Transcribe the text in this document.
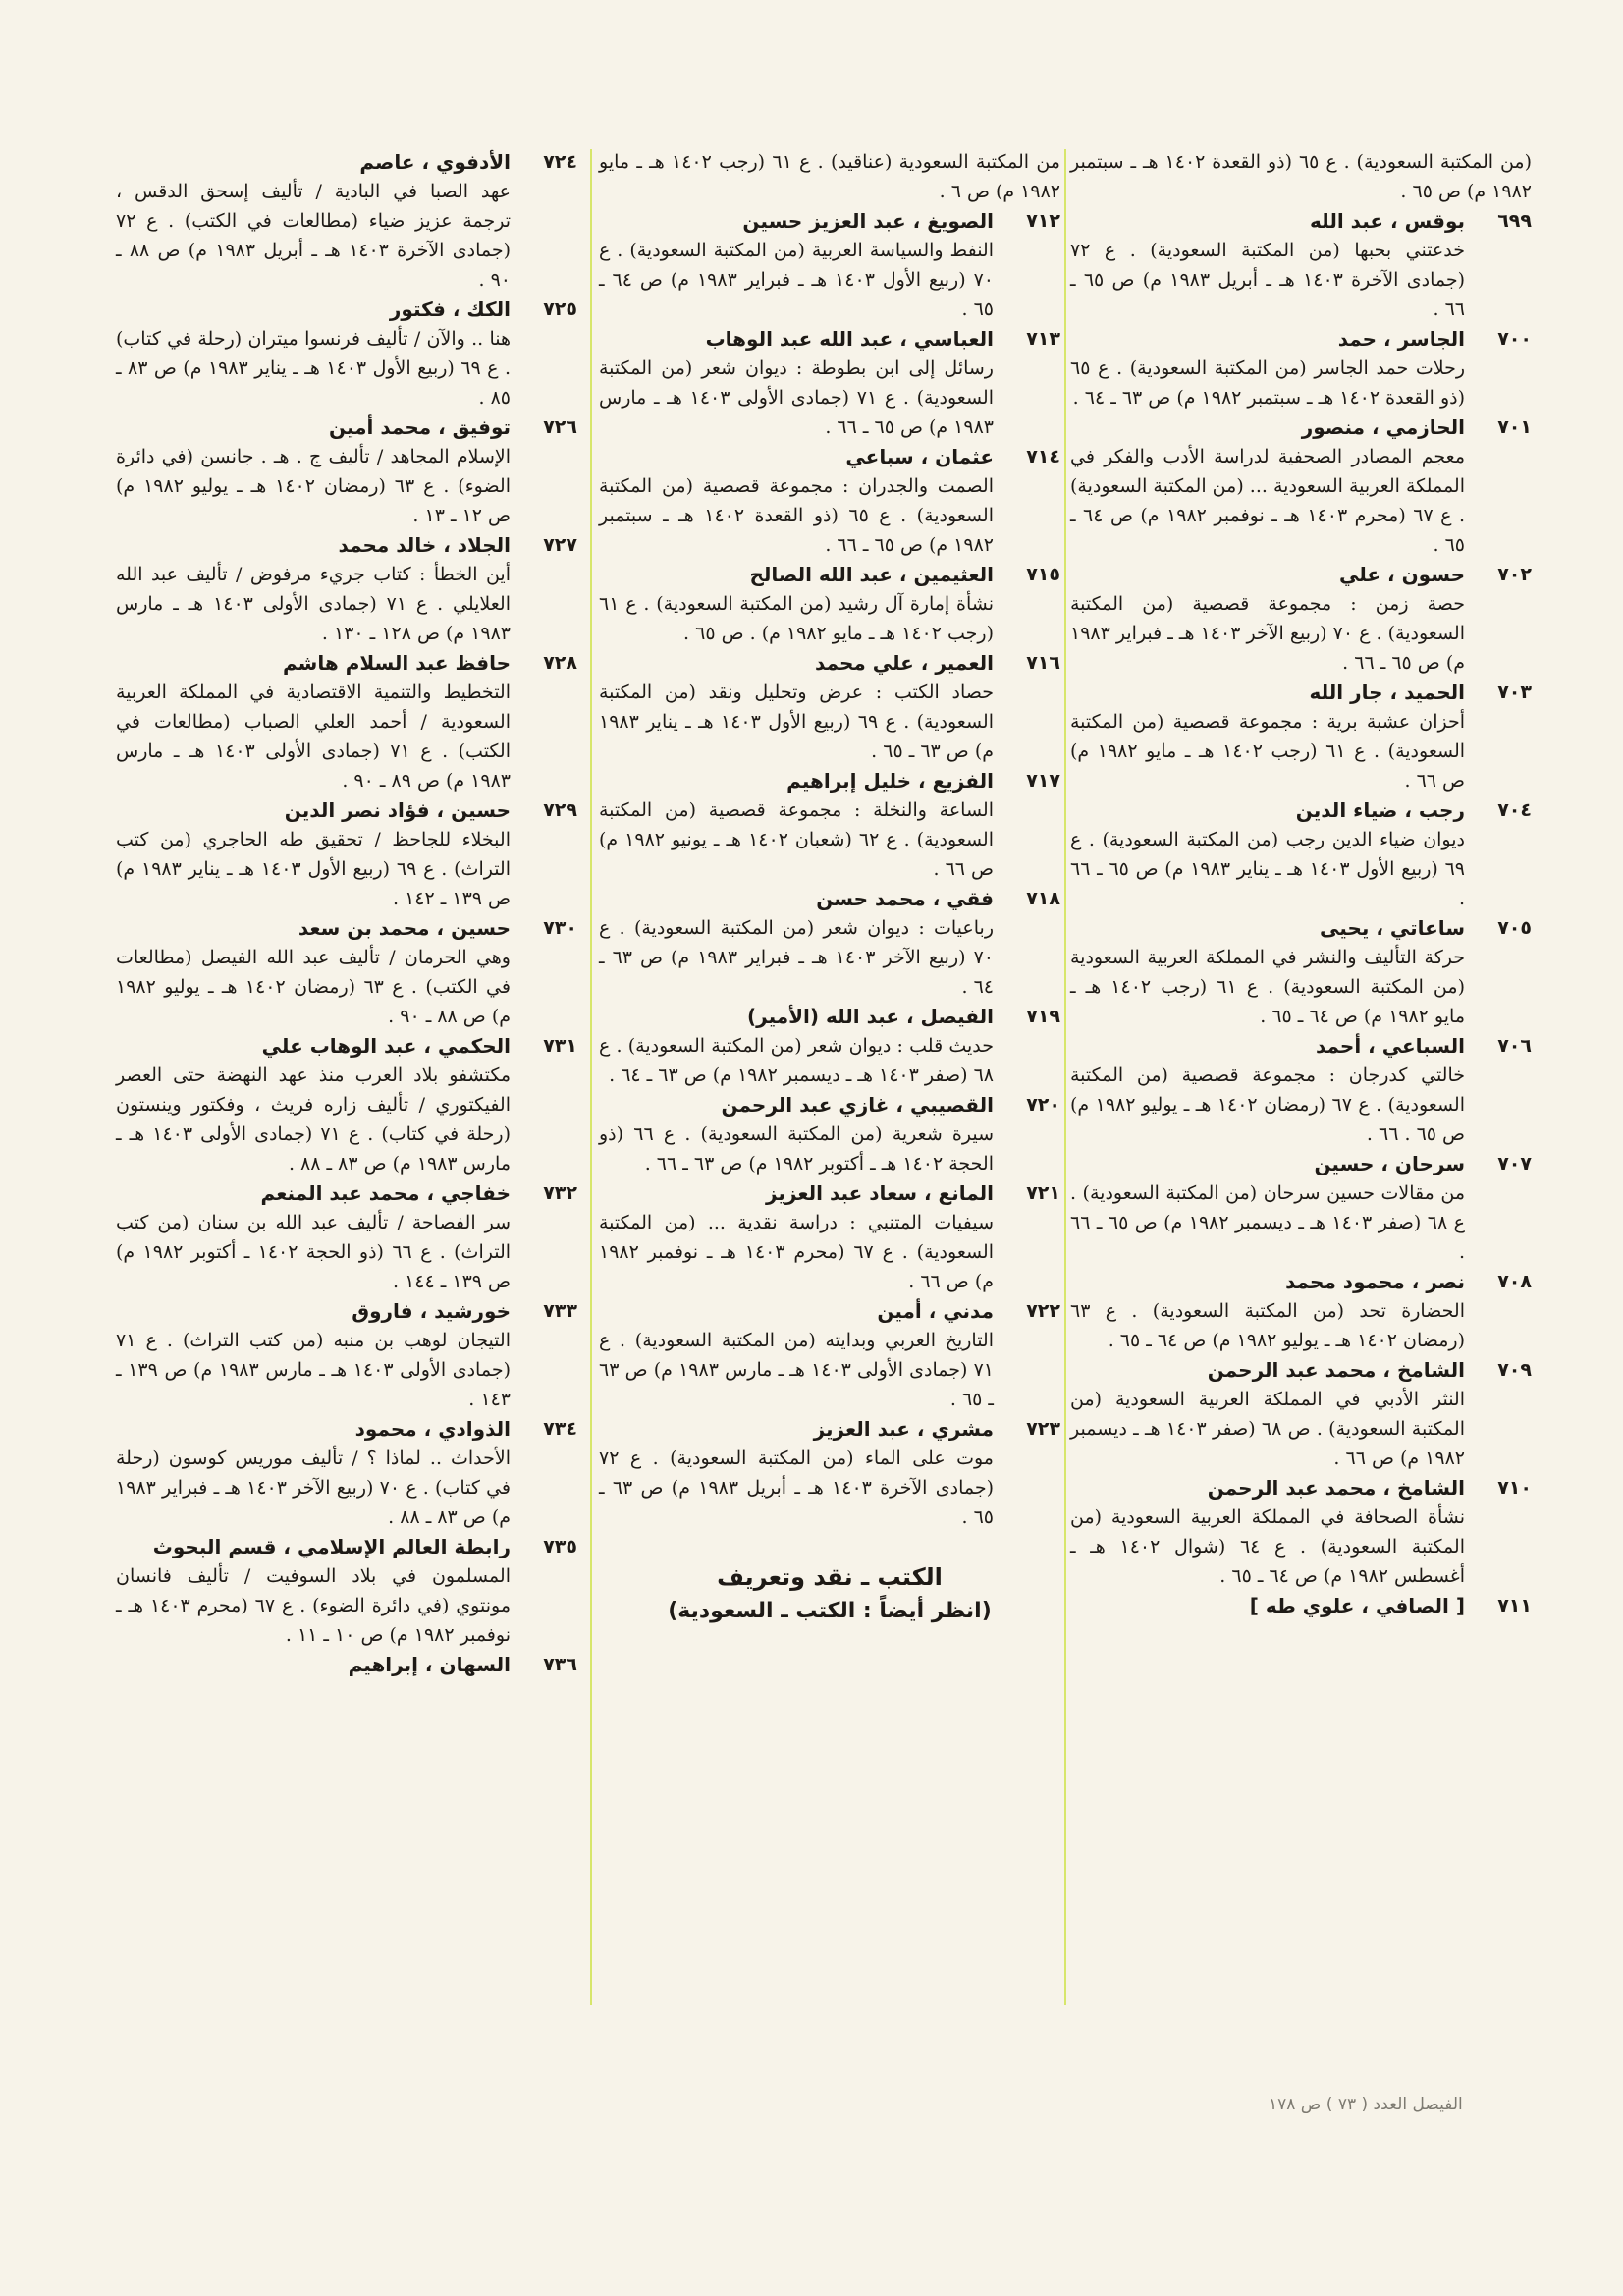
(من المكتبة السعودية) . ع ٦٥ (ذو القعدة ١٤٠٢ هـ ـ سبتمبر ١٩٨٢ م) ص ٦٥ .
٦٩٩
بوقس ، عبد الله
خدعتني بحبها (من المكتبة السعودية) . ع ٧٢ (جمادى الآخرة ١٤٠٣ هـ ـ أبريل ١٩٨٣ م) ص ٦٥ ـ ٦٦ .
٧٠٠
الجاسر ، حمد
رحلات حمد الجاسر (من المكتبة السعودية) . ع ٦٥ (ذو القعدة ١٤٠٢ هـ ـ سبتمبر ١٩٨٢ م) ص ٦٣ ـ ٦٤ .
٧٠١
الحازمي ، منصور
معجم المصادر الصحفية لدراسة الأدب والفكر في المملكة العربية السعودية ... (من المكتبة السعودية) . ع ٦٧ (محرم ١٤٠٣ هـ ـ نوفمبر ١٩٨٢ م) ص ٦٤ ـ ٦٥ .
٧٠٢
حسون ، علي
حصة زمن : مجموعة قصصية (من المكتبة السعودية) . ع ٧٠ (ربيع الآخر ١٤٠٣ هـ ـ فبراير ١٩٨٣ م) ص ٦٥ ـ ٦٦ .
٧٠٣
الحميد ، جار الله
أحزان عشبة برية : مجموعة قصصية (من المكتبة السعودية) . ع ٦١ (رجب ١٤٠٢ هـ ـ مايو ١٩٨٢ م) ص ٦٦ .
٧٠٤
رجب ، ضياء الدين
ديوان ضياء الدين رجب (من المكتبة السعودية) . ع ٦٩ (ربيع الأول ١٤٠٣ هـ ـ يناير ١٩٨٣ م) ص ٦٥ ـ ٦٦ .
٧٠٥
ساعاتي ، يحيى
حركة التأليف والنشر في المملكة العربية السعودية (من المكتبة السعودية) . ع ٦١ (رجب ١٤٠٢ هـ ـ مايو ١٩٨٢ م) ص ٦٤ ـ ٦٥ .
٧٠٦
السباعي ، أحمد
خالتي كدرجان : مجموعة قصصية (من المكتبة السعودية) . ع ٦٧ (رمضان ١٤٠٢ هـ ـ يوليو ١٩٨٢ م) ص ٦٥ . ٦٦ .
٧٠٧
سرحان ، حسين
من مقالات حسين سرحان (من المكتبة السعودية) . ع ٦٨ (صفر ١٤٠٣ هـ ـ ديسمبر ١٩٨٢ م) ص ٦٥ ـ ٦٦ .
٧٠٨
نصر ، محمود محمد
الحضارة تحد (من المكتبة السعودية) . ع ٦٣ (رمضان ١٤٠٢ هـ ـ يوليو ١٩٨٢ م) ص ٦٤ ـ ٦٥ .
٧٠٩
الشامخ ، محمد عبد الرحمن
النثر الأدبي في المملكة العربية السعودية (من المكتبة السعودية) . ص ٦٨ (صفر ١٤٠٣ هـ ـ ديسمبر ١٩٨٢ م) ص ٦٦ .
٧١٠
الشامخ ، محمد عبد الرحمن
نشأة الصحافة في المملكة العربية السعودية (من المكتبة السعودية) . ع ٦٤ (شوال ١٤٠٢ هـ ـ أغسطس ١٩٨٢ م) ص ٦٤ ـ ٦٥ .
٧١١
[ الصافي ، علوي طه ]
من المكتبة السعودية (عناقيد) . ع ٦١ (رجب ١٤٠٢ هـ ـ مايو ١٩٨٢ م) ص ٦ .
٧١٢
الصويغ ، عبد العزيز حسين
النفط والسياسة العربية (من المكتبة السعودية) . ع ٧٠ (ربيع الأول ١٤٠٣ هـ ـ فبراير ١٩٨٣ م) ص ٦٤ ـ ٦٥ .
٧١٣
العباسي ، عبد الله عبد الوهاب
رسائل إلى ابن بطوطة : ديوان شعر (من المكتبة السعودية) . ع ٧١ (جمادى الأولى ١٤٠٣ هـ ـ مارس ١٩٨٣ م) ص ٦٥ ـ ٦٦ .
٧١٤
عثمان ، سباعي
الصمت والجدران : مجموعة قصصية (من المكتبة السعودية) . ع ٦٥ (ذو القعدة ١٤٠٢ هـ ـ سبتمبر ١٩٨٢ م) ص ٦٥ ـ ٦٦ .
٧١٥
العثيمين ، عبد الله الصالح
نشأة إمارة آل رشيد (من المكتبة السعودية) . ع ٦١ (رجب ١٤٠٢ هـ ـ مايو ١٩٨٢ م) . ص ٦٥ .
٧١٦
العمير ، علي محمد
حصاد الكتب : عرض وتحليل ونقد (من المكتبة السعودية) . ع ٦٩ (ربيع الأول ١٤٠٣ هـ ـ يناير ١٩٨٣ م) ص ٦٣ ـ ٦٥ .
٧١٧
الفزيع ، خليل إبراهيم
الساعة والنخلة : مجموعة قصصية (من المكتبة السعودية) . ع ٦٢ (شعبان ١٤٠٢ هـ ـ يونيو ١٩٨٢ م) ص ٦٦ .
٧١٨
فقي ، محمد حسن
رباعيات : ديوان شعر (من المكتبة السعودية) . ع ٧٠ (ربيع الآخر ١٤٠٣ هـ ـ فبراير ١٩٨٣ م) ص ٦٣ ـ ٦٤ .
٧١٩
الفيصل ، عبد الله (الأمير)
حديث قلب : ديوان شعر (من المكتبة السعودية) . ع ٦٨ (صفر ١٤٠٣ هـ ـ ديسمبر ١٩٨٢ م) ص ٦٣ ـ ٦٤ .
٧٢٠
القصيبي ، غازي عبد الرحمن
سيرة شعرية (من المكتبة السعودية) . ع ٦٦ (ذو الحجة ١٤٠٢ هـ ـ أكتوبر ١٩٨٢ م) ص ٦٣ ـ ٦٦ .
٧٢١
المانع ، سعاد عبد العزيز
سيفيات المتنبي : دراسة نقدية ... (من المكتبة السعودية) . ع ٦٧ (محرم ١٤٠٣ هـ ـ نوفمبر ١٩٨٢ م) ص ٦٦ .
٧٢٢
مدني ، أمين
التاريخ العربي وبدايته (من المكتبة السعودية) . ع ٧١ (جمادى الأولى ١٤٠٣ هـ ـ مارس ١٩٨٣ م) ص ٦٣ ـ ٦٥ .
٧٢٣
مشري ، عبد العزيز
موت على الماء (من المكتبة السعودية) . ع ٧٢ (جمادى الآخرة ١٤٠٣ هـ ـ أبريل ١٩٨٣ م) ص ٦٣ ـ ٦٥ .
الكتب ـ نقد وتعريف
(انظر أيضاً : الكتب ـ السعودية)
٧٢٤
الأدفوي ، عاصم
عهد الصبا في البادية / تأليف إسحق الدقس ، ترجمة عزيز ضياء (مطالعات في الكتب) . ع ٧٢ (جمادى الآخرة ١٤٠٣ هـ ـ أبريل ١٩٨٣ م) ص ٨٨ ـ ٩٠ .
٧٢٥
الكك ، فكتور
هنا .. والآن / تأليف فرنسوا ميتران (رحلة في كتاب) . ع ٦٩ (ربيع الأول ١٤٠٣ هـ ـ يناير ١٩٨٣ م) ص ٨٣ ـ ٨٥ .
٧٢٦
توفيق ، محمد أمين
الإسلام المجاهد / تأليف ج . هـ . جانسن (في دائرة الضوء) . ع ٦٣ (رمضان ١٤٠٢ هـ ـ يوليو ١٩٨٢ م) ص ١٢ ـ ١٣ .
٧٢٧
الجلاد ، خالد محمد
أين الخطأ : كتاب جريء مرفوض / تأليف عبد الله العلايلي . ع ٧١ (جمادى الأولى ١٤٠٣ هـ ـ مارس ١٩٨٣ م) ص ١٢٨ ـ ١٣٠ .
٧٢٨
حافظ عبد السلام هاشم
التخطيط والتنمية الاقتصادية في المملكة العربية السعودية / أحمد العلي الصباب (مطالعات في الكتب) . ع ٧١ (جمادى الأولى ١٤٠٣ هـ ـ مارس ١٩٨٣ م) ص ٨٩ ـ ٩٠ .
٧٢٩
حسين ، فؤاد نصر الدين
البخلاء للجاحظ / تحقيق طه الحاجري (من كتب التراث) . ع ٦٩ (ربيع الأول ١٤٠٣ هـ ـ يناير ١٩٨٣ م) ص ١٣٩ ـ ١٤٢ .
٧٣٠
حسين ، محمد بن سعد
وهي الحرمان / تأليف عبد الله الفيصل (مطالعات في الكتب) . ع ٦٣ (رمضان ١٤٠٢ هـ ـ يوليو ١٩٨٢ م) ص ٨٨ ـ ٩٠ .
٧٣١
الحكمي ، عبد الوهاب علي
مكتشفو بلاد العرب منذ عهد النهضة حتى العصر الفيكتوري / تأليف زاره فريث ، وفكتور وينستون (رحلة في كتاب) . ع ٧١ (جمادى الأولى ١٤٠٣ هـ ـ مارس ١٩٨٣ م) ص ٨٣ ـ ٨٨ .
٧٣٢
خفاجي ، محمد عبد المنعم
سر الفصاحة / تأليف عبد الله بن سنان (من كتب التراث) . ع ٦٦ (ذو الحجة ١٤٠٢ ـ أكتوبر ١٩٨٢ م) ص ١٣٩ ـ ١٤٤ .
٧٣٣
خورشيد ، فاروق
التيجان لوهب بن منبه (من كتب التراث) . ع ٧١ (جمادى الأولى ١٤٠٣ هـ ـ مارس ١٩٨٣ م) ص ١٣٩ ـ ١٤٣ .
٧٣٤
الذوادي ، محمود
الأحداث .. لماذا ؟ / تأليف موريس كوسون (رحلة في كتاب) . ع ٧٠ (ربيع الآخر ١٤٠٣ هـ ـ فبراير ١٩٨٣ م) ص ٨٣ ـ ٨٨ .
٧٣٥
رابطة العالم الإسلامي ، قسم البحوث
المسلمون في بلاد السوفيت / تأليف فانسان مونتوي (في دائرة الضوء) . ع ٦٧ (محرم ١٤٠٣ هـ ـ نوفمبر ١٩٨٢ م) ص ١٠ ـ ١١ .
٧٣٦
السهان ، إبراهيم
الفيصل العدد ( ٧٣ ) ص ١٧٨
